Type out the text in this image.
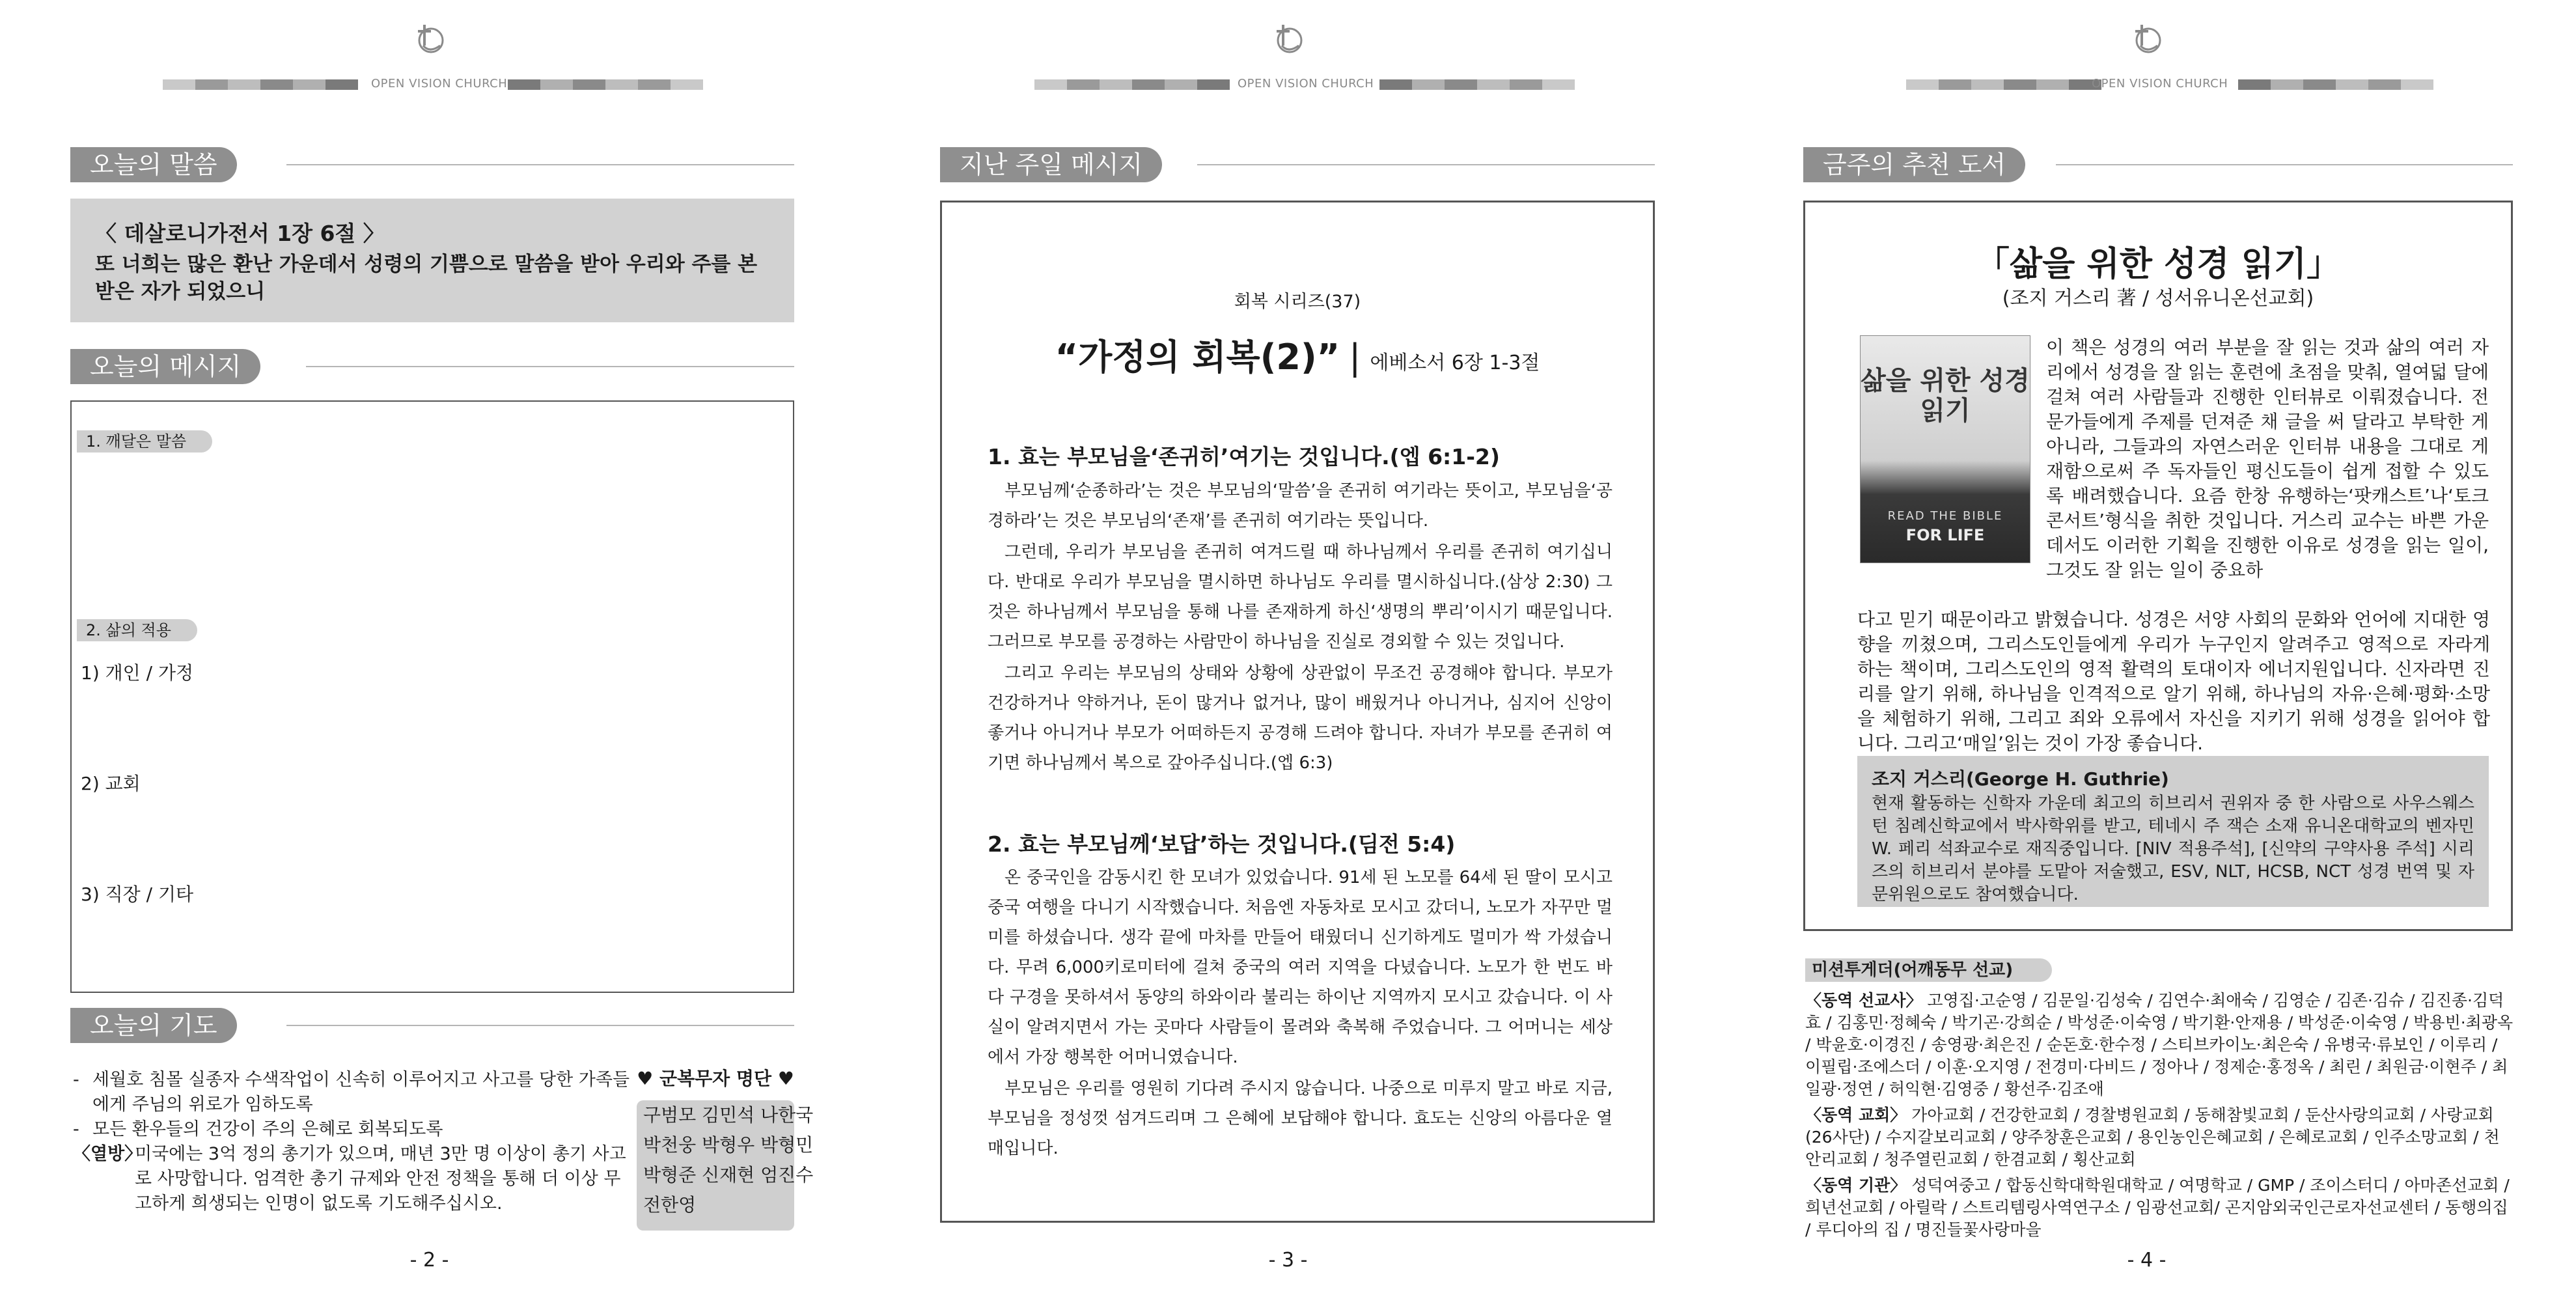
OPEN VISION CHURCH
오늘의 말씀
〈 데살로니가전서 1장 6절 〉
또 너희는 많은 환난 가운데서 성령의 기쁨으로 말씀을 받아 우리와 주를 본받은 자가 되었으니
오늘의 메시지
1. 깨달은 말씀
2. 삶의 적용
1) 개인 / 가정
2) 교회
3) 직장 / 기타
오늘의 기도
- 세월호 침몰 실종자 수색작업이 신속히 이루어지고 사고를 당한 가족들에게 주님의 위로가 임하도록
- 모든 환우들의 건강이 주의 은혜로 회복되도록
〈열방〉
미국에는 3억 정의 총기가 있으며, 매년 3만 명 이상이 총기 사고로 사망합니다. 엄격한 총기 규제와 안전 정책을 통해 더 이상 무고하게 희생되는 인명이 없도록 기도해주십시오.
♥ 군복무자 명단 ♥
구범모 김민석 나한국
박천웅 박형우 박형민
박형준 신재현 엄진수
전한영
- 2 -
OPEN VISION CHURCH
지난 주일 메시지
회복 시리즈(37)
“가정의 회복(2)” | 에베소서 6장 1-3절
1. 효는 부모님을‘존귀히’여기는 것입니다.(엡 6:1-2)
부모님께‘순종하라’는 것은 부모님의‘말씀’을 존귀히 여기라는 뜻이고, 부모님을‘공경하라’는 것은 부모님의‘존재’를 존귀히 여기라는 뜻입니다.
그런데, 우리가 부모님을 존귀히 여겨드릴 때 하나님께서 우리를 존귀히 여기십니다. 반대로 우리가 부모님을 멸시하면 하나님도 우리를 멸시하십니다.(삼상 2:30) 그것은 하나님께서 부모님을 통해 나를 존재하게 하신‘생명의 뿌리’이시기 때문입니다. 그러므로 부모를 공경하는 사람만이 하나님을 진실로 경외할 수 있는 것입니다.
그리고 우리는 부모님의 상태와 상황에 상관없이 무조건 공경해야 합니다. 부모가 건강하거나 약하거나, 돈이 많거나 없거나, 많이 배웠거나 아니거나, 심지어 신앙이 좋거나 아니거나 부모가 어떠하든지 공경해 드려야 합니다. 자녀가 부모를 존귀히 여기면 하나님께서 복으로 갚아주십니다.(엡 6:3)
2. 효는 부모님께‘보답’하는 것입니다.(딤전 5:4)
온 중국인을 감동시킨 한 모녀가 있었습니다. 91세 된 노모를 64세 된 딸이 모시고 중국 여행을 다니기 시작했습니다. 처음엔 자동차로 모시고 갔더니, 노모가 자꾸만 멀미를 하셨습니다. 생각 끝에 마차를 만들어 태웠더니 신기하게도 멀미가 싹 가셨습니다. 무려 6,000키로미터에 걸쳐 중국의 여러 지역을 다녔습니다. 노모가 한 번도 바다 구경을 못하셔서 동양의 하와이라 불리는 하이난 지역까지 모시고 갔습니다. 이 사실이 알려지면서 가는 곳마다 사람들이 몰려와 축복해 주었습니다. 그 어머니는 세상에서 가장 행복한 어머니였습니다.
부모님은 우리를 영원히 기다려 주시지 않습니다. 나중으로 미루지 말고 바로 지금, 부모님을 정성껏 섬겨드리며 그 은혜에 보답해야 합니다. 효도는 신앙의 아름다운 열매입니다.
- 3 -
OPEN VISION CHURCH
금주의 추천 도서
「삶을 위한 성경 읽기」
(조지 거스리 著 / 성서유니온선교회)
삶을 위한 성경읽기
READ THE BIBLE
FOR LIFE
이 책은 성경의 여러 부분을 잘 읽는 것과 삶의 여러 자리에서 성경을 잘 읽는 훈련에 초점을 맞춰, 열여덟 달에 걸쳐 여러 사람들과 진행한 인터뷰로 이뤄졌습니다. 전문가들에게 주제를 던져준 채 글을 써 달라고 부탁한 게 아니라, 그들과의 자연스러운 인터뷰 내용을 그대로 게재함으로써 주 독자들인 평신도들이 쉽게 접할 수 있도록 배려했습니다. 요즘 한창 유행하는‘팟캐스트’나‘토크 콘서트’형식을 취한 것입니다. 거스리 교수는 바쁜 가운데서도 이러한 기획을 진행한 이유로 성경을 읽는 일이, 그것도 잘 읽는 일이 중요하
다고 믿기 때문이라고 밝혔습니다. 성경은 서양 사회의 문화와 언어에 지대한 영향을 끼쳤으며, 그리스도인들에게 우리가 누구인지 알려주고 영적으로 자라게 하는 책이며, 그리스도인의 영적 활력의 토대이자 에너지원입니다. 신자라면 진리를 알기 위해, 하나님을 인격적으로 알기 위해, 하나님의 자유·은혜·평화·소망을 체험하기 위해, 그리고 죄와 오류에서 자신을 지키기 위해 성경을 읽어야 합니다. 그리고‘매일’읽는 것이 가장 좋습니다.
조지 거스리(George H. Guthrie)
현재 활동하는 신학자 가운데 최고의 히브리서 권위자 중 한 사람으로 사우스웨스턴 침례신학교에서 박사학위를 받고, 테네시 주 잭슨 소재 유니온대학교의 벤자민 W. 페리 석좌교수로 재직중입니다. [NIV 적용주석], [신약의 구약사용 주석] 시리즈의 히브리서 분야를 도맡아 저술했고, ESV, NLT, HCSB, NCT 성경 번역 및 자문위원으로도 참여했습니다.
미션투게더(어깨동무 선교)
〈동역 선교사〉 고영집·고순영 / 김문일·김성숙 / 김연수·최애숙 / 김영순 / 김존·김슈 / 김진종·김덕효 / 김홍민·정혜숙 / 박기곤·강희순 / 박성준·이숙영 / 박기환·안재용 / 박성준·이숙영 / 박용빈·최광옥 / 박윤호·이경진 / 송영광·최은진 / 순돈호·한수정 / 스티브카이노·최은숙 / 유병국·류보인 / 이루리 / 이필립·조에스더 / 이훈·오지영 / 전경미·다비드 / 정아나 / 정제순·홍정옥 / 최린 / 최원금·이현주 / 최일광·정연 / 허익현·김영중 / 황선주·김조애
〈동역 교회〉 가아교회 / 건강한교회 / 경찰병원교회 / 동해참빛교회 / 둔산사랑의교회 / 사랑교회(26사단) / 수지갈보리교회 / 양주창훈은교회 / 용인농인은혜교회 / 은혜로교회 / 인주소망교회 / 천안리교회 / 청주열린교회 / 한겸교회 / 횡산교회
〈동역 기관〉 성덕여중고 / 합동신학대학원대학교 / 여명학교 / GMP / 조이스터디 / 아마존선교회 / 희년선교회 / 아릴락 / 스트리템링사역연구소 / 임광선교회/ 곤지암외국인근로자선교센터 / 동행의집 / 루디아의 집 / 명진들꽃사랑마을
- 4 -
